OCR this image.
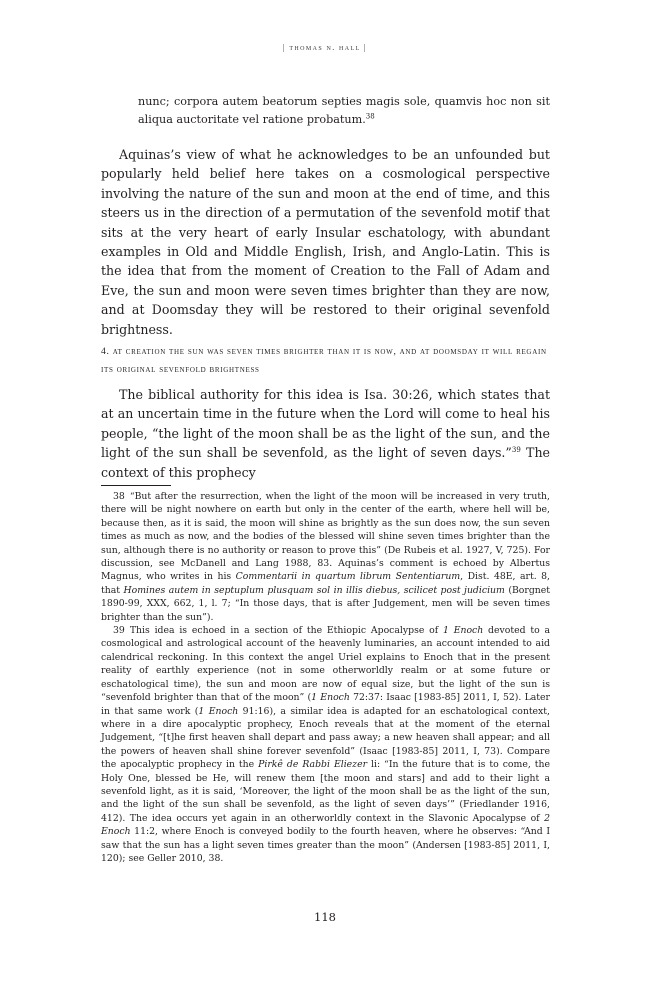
| thomas n. hall |
nunc; corpora autem beatorum septies magis sole, quamvis hoc non sit aliqua auctoritate vel ratione probatum.$^{38}$

Aquinas’s view of what he acknowledges to be an unfounded but popularly held belief here takes on a cosmological perspective involving the nature of the sun and moon at the end of time, and this steers us in the direction of a permutation of the sevenfold motif that sits at the very heart of early Insular eschatology, with abundant examples in Old and Middle English, Irish, and Anglo-Latin. This is the idea that from the moment of Creation to the Fall of Adam and Eve, the sun and moon were seven times brighter than they are now, and at Doomsday they will be restored to their original sevenfold brightness.

4. at creation the sun was seven times brighter than it is now, and at doomsday it will regain its original sevenfold brightness

The biblical authority for this idea is Isa. 30:26, which states that at an uncertain time in the future when the Lord will come to heal his people, “the light of the moon shall be as the light of the sun, and the light of the sun shall be sevenfold, as the light of seven days.”$^{39}$ The context of this prophecy

38 “But after the resurrection, when the light of the moon will be increased in very truth, there will be night nowhere on earth but only in the center of the earth, where hell will be, because then, as it is said, the moon will shine as brightly as the sun does now, the sun seven times as much as now, and the bodies of the blessed will shine seven times brighter than the sun, although there is no authority or reason to prove this” (De Rubeis et al. 1927, V, 725). For discussion, see McDanell and Lang 1988, 83. Aquinas’s comment is echoed by Albertus Magnus, who writes in his Commentarii in quartum librum Sententiarum, Dist. 48E, art. 8, that Homines autem in septuplum plusquam sol in illis diebus, scilicet post judicium (Borgnet 1890-99, XXX, 662, 1, l. 7; “In those days, that is after Judgement, men will be seven times brighter than the sun”).

39 This idea is echoed in a section of the Ethiopic Apocalypse of 1 Enoch devoted to a cosmological and astrological account of the heavenly luminaries, an account intended to aid calendrical reckoning. In this context the angel Uriel explains to Enoch that in the present reality of earthly experience (not in some otherworldly realm or at some future or eschatological time), the sun and moon are now of equal size, but the light of the sun is “sevenfold brighter than that of the moon” (1 Enoch 72:37: Isaac [1983-85] 2011, I, 52). Later in that same work (1 Enoch 91:16), a similar idea is adapted for an eschatological context, where in a dire apocalyptic prophecy, Enoch reveals that at the moment of the eternal Judgement, “[t]he first heaven shall depart and pass away; a new heaven shall appear; and all the powers of heaven shall shine forever sevenfold” (Isaac [1983-85] 2011, I, 73). Compare the apocalyptic prophecy in the Pirkê de Rabbi Eliezer li: “In the future that is to come, the Holy One, blessed be He, will renew them [the moon and stars] and add to their light a sevenfold light, as it is said, ‘Moreover, the light of the moon shall be as the light of the sun, and the light of the sun shall be sevenfold, as the light of seven days’” (Friedlander 1916, 412). The idea occurs yet again in an otherworldly context in the Slavonic Apocalypse of 2 Enoch 11:2, where Enoch is conveyed bodily to the fourth heaven, where he observes: “And I saw that the sun has a light seven times greater than the moon” (Andersen [1983-85] 2011, I, 120); see Geller 2010, 38.

118
